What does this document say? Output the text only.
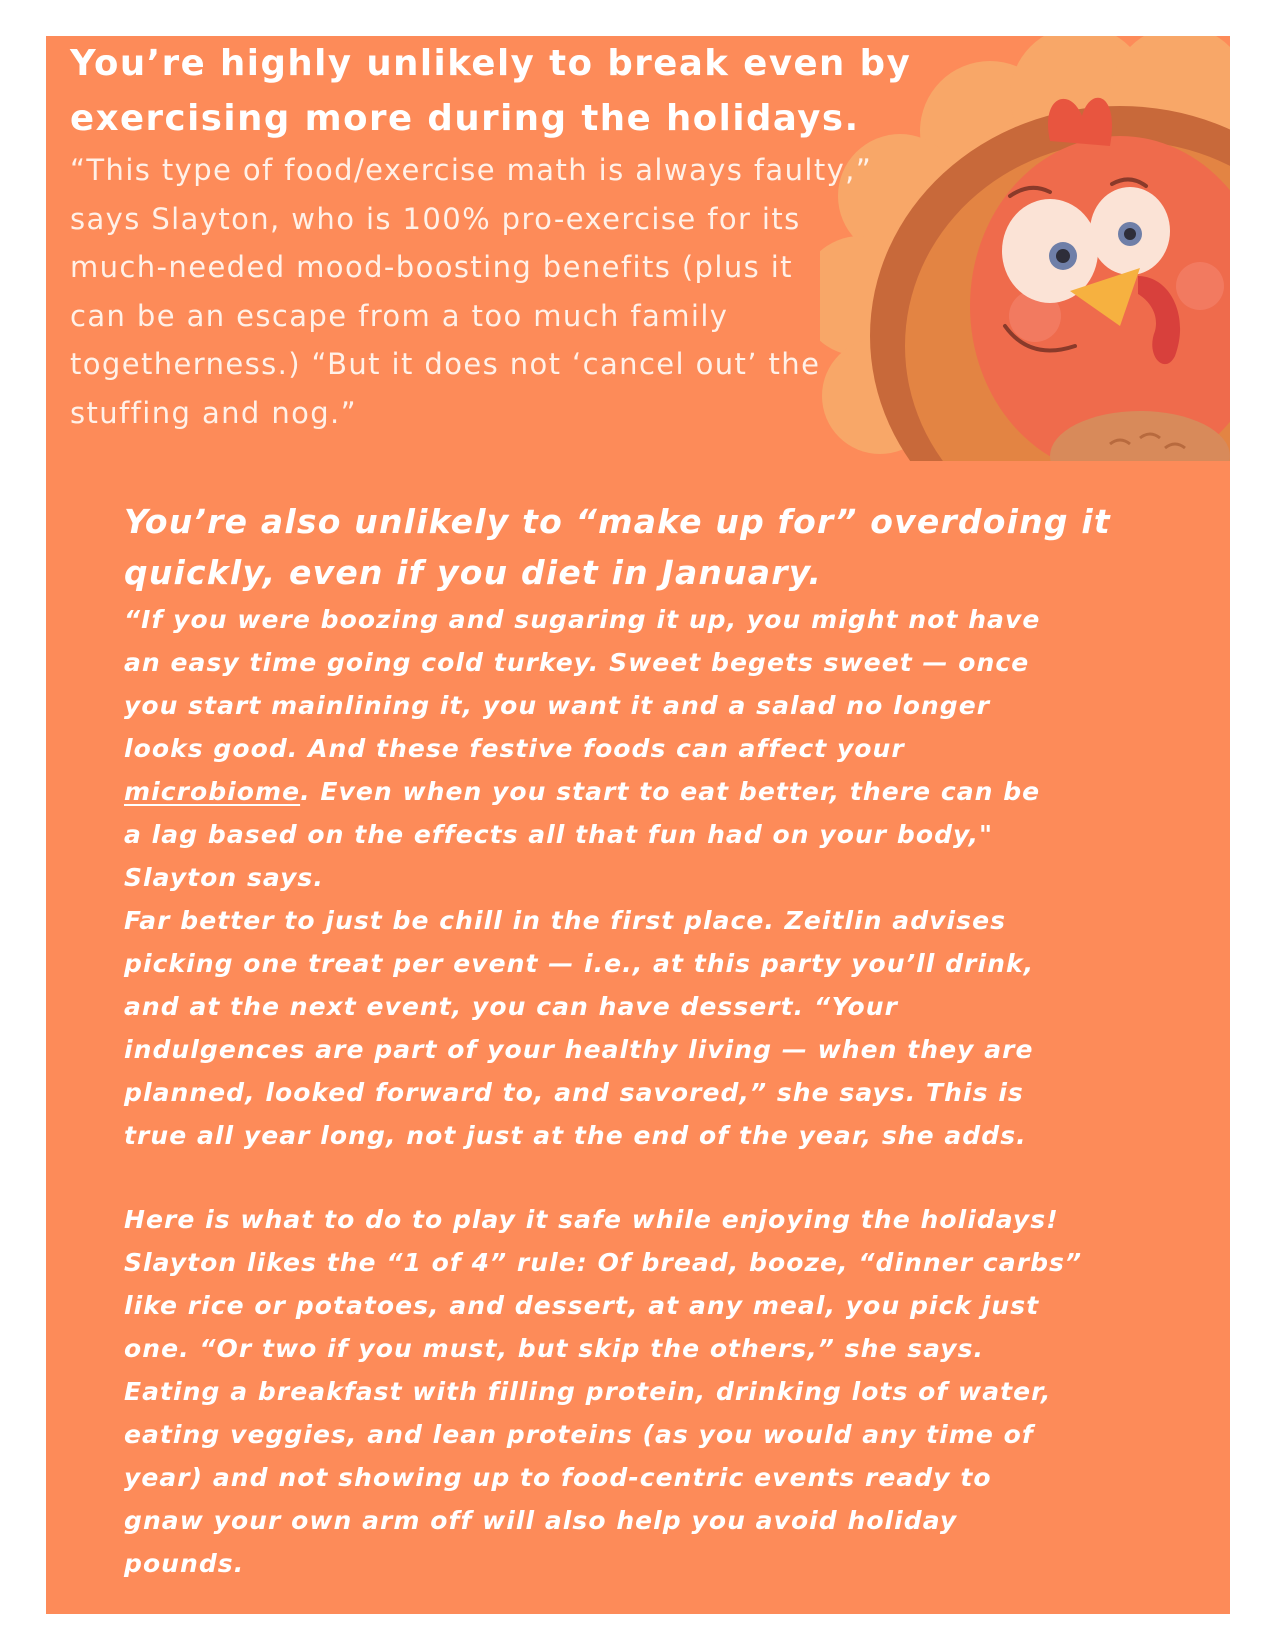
You’re highly unlikely to break even by

exercising more during the holidays.

“This type of food/exercise math is always faulty,”

says Slayton, who is 100% pro-exercise for its

much-needed mood-boosting benefits (plus it

can be an escape from a too much family

togetherness.) “But it does not ‘cancel out’ the

stuffing and nog.”

You’re also unlikely to “make up for” overdoing it

quickly, even if you diet in January.

“If you were boozing and sugaring it up, you might not have

an easy time going cold turkey. Sweet begets sweet — once

you start mainlining it, you want it and a salad no longer

looks good. And these festive foods can affect your

microbiome. Even when you start to eat better, there can be

a lag based on the effects all that fun had on your body,"

Slayton says.

Far better to just be chill in the first place. Zeitlin advises

picking one treat per event — i.e., at this party you’ll drink,

and at the next event, you can have dessert. “Your

indulgences are part of your healthy living — when they are

planned, looked forward to, and savored,” she says. This is

true all year long, not just at the end of the year, she adds.

Here is what to do to play it safe while enjoying the holidays!

Slayton likes the “1 of 4” rule: Of bread, booze, “dinner carbs”

like rice or potatoes, and dessert, at any meal, you pick just

one. “Or two if you must, but skip the others,” she says.

Eating a breakfast with filling protein, drinking lots of water,

eating veggies, and lean proteins (as you would any time of

year) and not showing up to food-centric events ready to

gnaw your own arm off will also help you avoid holiday

pounds.
